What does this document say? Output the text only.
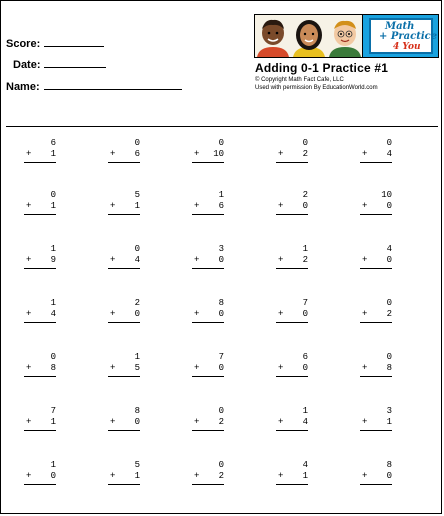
Score:
Date:
Name:
Math
+ Practice
4 You
Adding 0-1 Practice #1
© Copyright Math Fact Cafe, LLC
Used with permission By EducationWorld.com
6
+ 1
0
+ 6
0
+ 10
0
+ 2
0
+ 4
0
+ 1
5
+ 1
1
+ 6
2
+ 0
10
+ 0
1
+ 9
0
+ 4
3
+ 0
1
+ 2
4
+ 0
1
+ 4
2
+ 0
8
+ 0
7
+ 0
0
+ 2
0
+ 8
1
+ 5
7
+ 0
6
+ 0
0
+ 8
7
+ 1
8
+ 0
0
+ 2
1
+ 4
3
+ 1
1
+ 0
5
+ 1
0
+ 2
4
+ 1
8
+ 0
